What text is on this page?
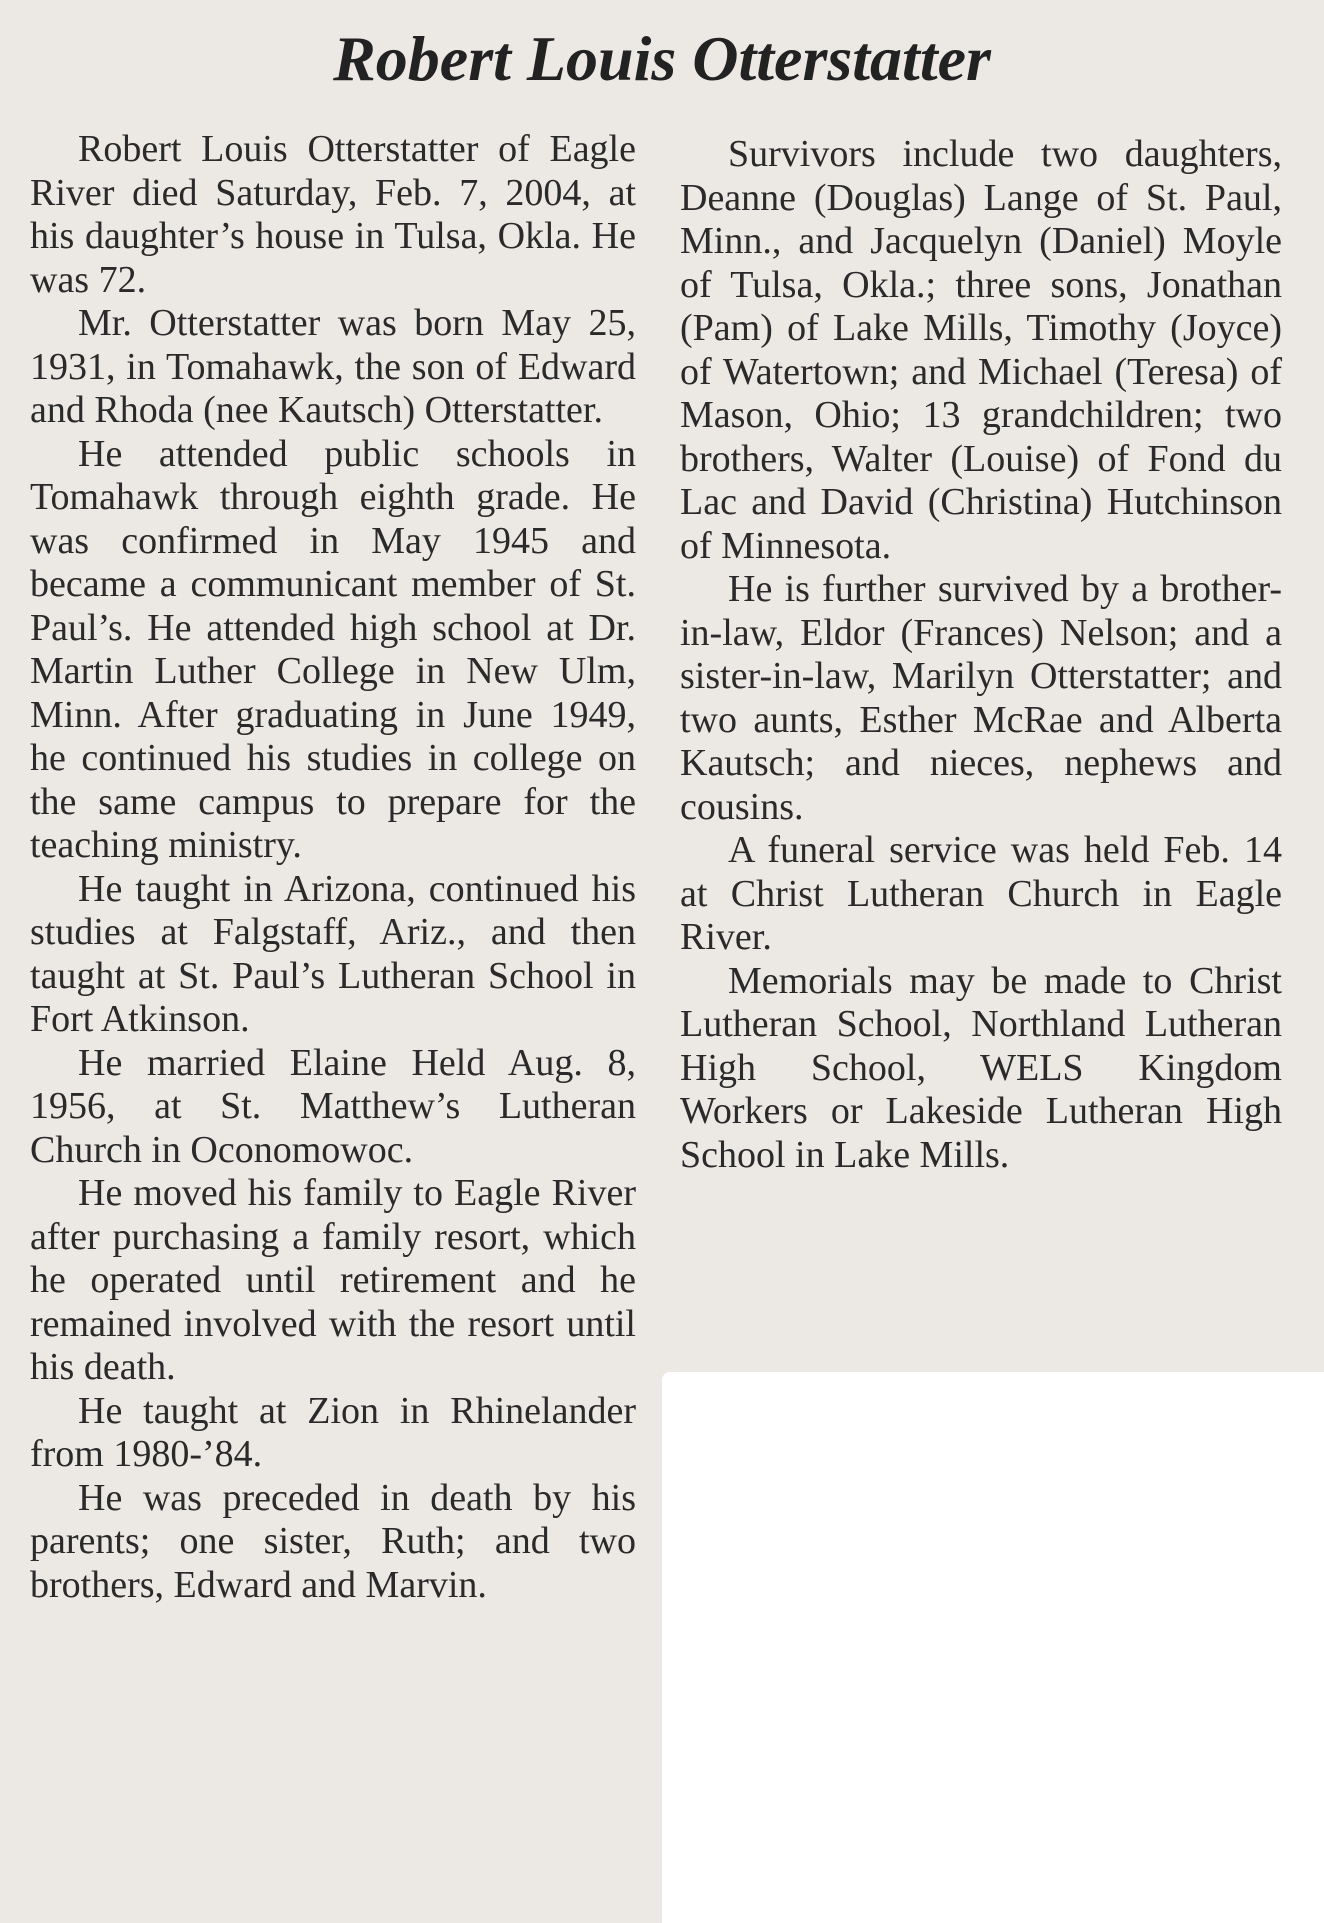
Robert Louis Otterstatter

Robert Louis Otterstatter of Eagle River died Saturday, Feb. 7, 2004, at his daughter’s house in Tulsa, Okla. He was 72.

Mr. Otterstatter was born May 25, 1931, in Tomahawk, the son of Edward and Rhoda (nee Kautsch) Otterstatter.

He attended public schools in Tomahawk through eighth grade. He was confirmed in May 1945 and became a communicant member of St. Paul’s. He attended high school at Dr. Martin Luther College in New Ulm, Minn. After graduating in June 1949, he continued his studies in college on the same campus to prepare for the teaching ministry.

He taught in Arizona, continued his studies at Falgstaff, Ariz., and then taught at St. Paul’s Lutheran School in Fort Atkinson.

He married Elaine Held Aug. 8, 1956, at St. Matthew’s Lutheran Church in Oconomowoc.

He moved his family to Eagle River after purchasing a family resort, which he operated until retirement and he remained involved with the resort until his death.

He taught at Zion in Rhinelander from 1980-’84.

He was preceded in death by his parents; one sister, Ruth; and two brothers, Edward and Marvin.

Survivors include two daughters, Deanne (Douglas) Lange of St. Paul, Minn., and Jacquelyn (Daniel) Moyle of Tulsa, Okla.; three sons, Jonathan (Pam) of Lake Mills, Timothy (Joyce) of Watertown; and Michael (Teresa) of Mason, Ohio; 13 grandchildren; two brothers, Walter (Louise) of Fond du Lac and David (Christina) Hutchinson of Minnesota.

He is further survived by a brother-in-law, Eldor (Frances) Nelson; and a sister-in-law, Marilyn Otterstatter; and two aunts, Esther McRae and Alberta Kautsch; and nieces, nephews and cousins.

A funeral service was held Feb. 14 at Christ Lutheran Church in Eagle River.

Memorials may be made to Christ Lutheran School, Northland Lutheran High School, WELS Kingdom Workers or Lakeside Lutheran High School in Lake Mills.
